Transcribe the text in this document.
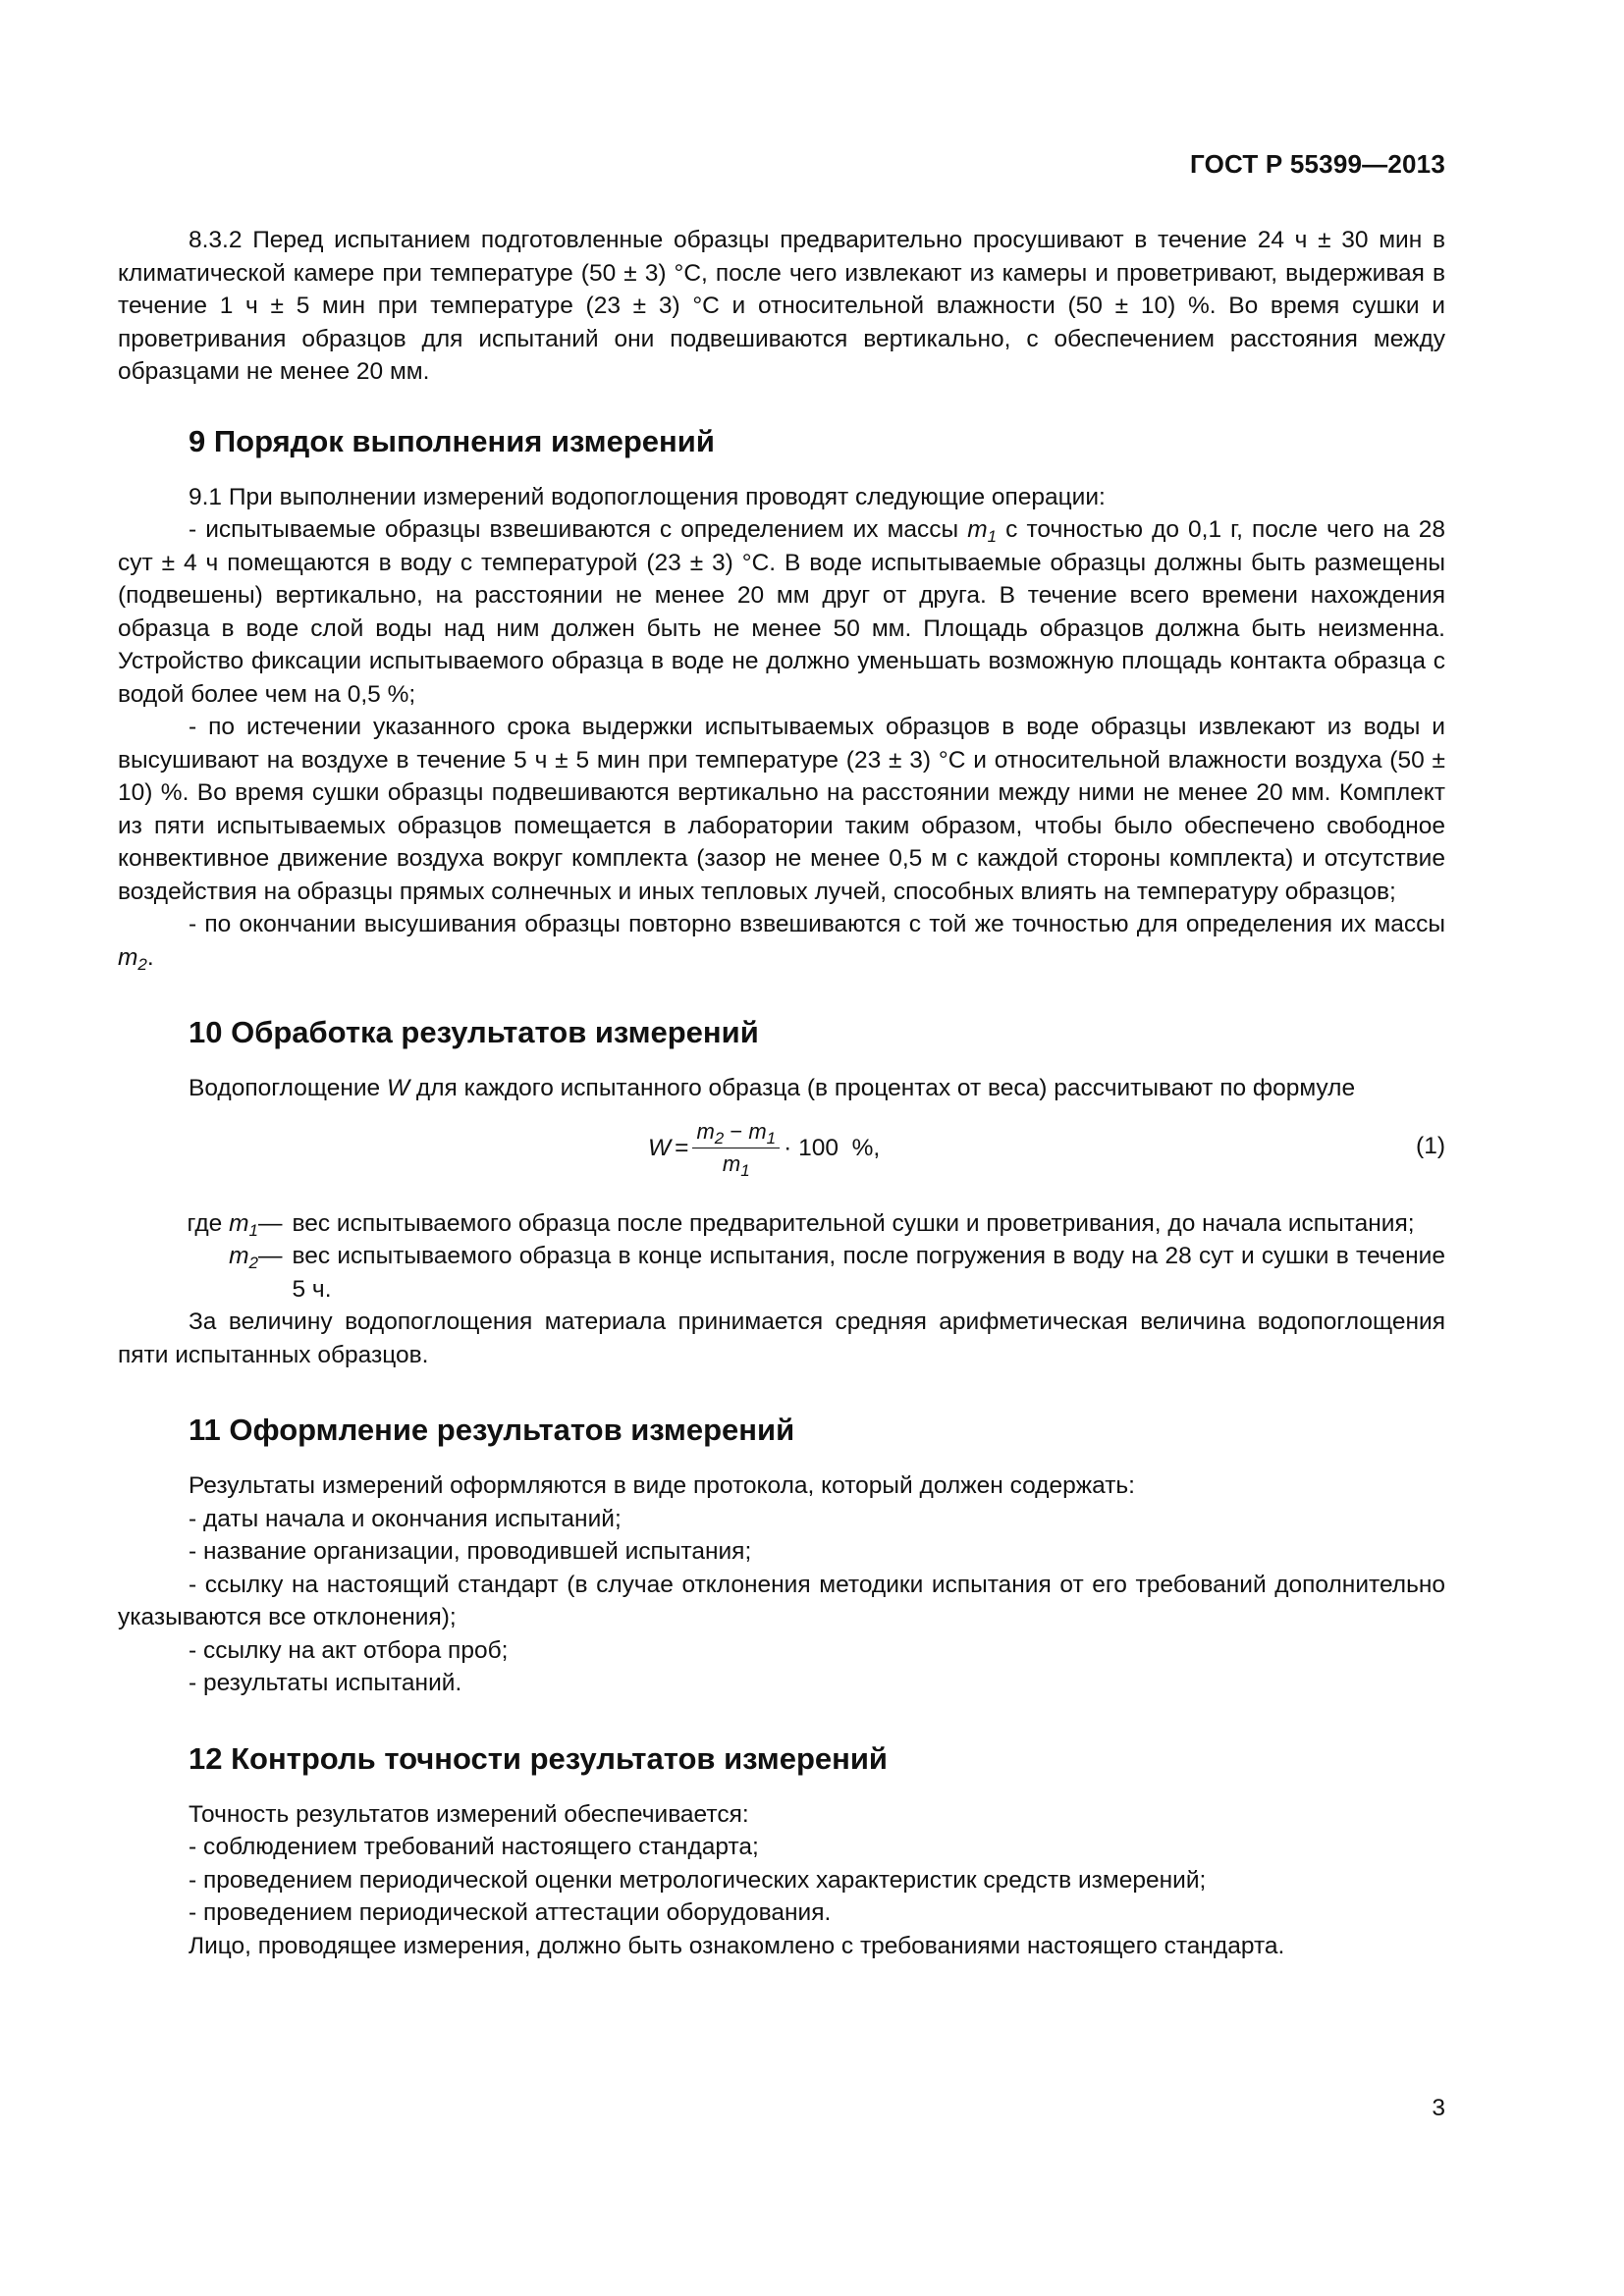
ГОСТ Р 55399—2013

8.3.2 Перед испытанием подготовленные образцы предварительно просушивают в течение 24 ч ± 30 мин в климатической камере при температуре (50 ± 3) °С, после чего извлекают из камеры и проветривают, выдерживая в течение 1 ч ± 5 мин при температуре (23 ± 3) °С и относительной влажности (50 ± 10) %. Во время сушки и проветривания образцов для испытаний они подвешиваются вертикально, с обеспечением расстояния между образцами не менее 20 мм.

9 Порядок выполнения измерений

9.1 При выполнении измерений водопоглощения проводят следующие операции:

- испытываемые образцы взвешиваются с определением их массы $m_1$ с точностью до 0,1 г, после чего на 28 сут ± 4 ч помещаются в воду с температурой (23 ± 3) °С. В воде испытываемые образцы должны быть размещены (подвешены) вертикально, на расстоянии не менее 20 мм друг от друга. В течение всего времени нахождения образца в воде слой воды над ним должен быть не менее 50 мм. Площадь образцов должна быть неизменна. Устройство фиксации испытываемого образца в воде не должно уменьшать возможную площадь контакта образца с водой более чем на 0,5 %;

- по истечении указанного срока выдержки испытываемых образцов в воде образцы извлекают из воды и высушивают на воздухе в течение 5 ч ± 5 мин при температуре (23 ± 3) °С и относительной влажности воздуха (50 ± 10) %. Во время сушки образцы подвешиваются вертикально на расстоянии между ними не менее 20 мм. Комплект из пяти испытываемых образцов помещается в лаборатории таким образом, чтобы было обеспечено свободное конвективное движение воздуха вокруг комплекта (зазор не менее 0,5 м с каждой стороны комплекта) и отсутствие воздействия на образцы прямых солнечных и иных тепловых лучей, способных влиять на температуру образцов;

- по окончании высушивания образцы повторно взвешиваются с той же точностью для определения их массы $m_2$.

10 Обработка результатов измерений

Водопоглощение W для каждого испытанного образца (в процентах от веса) рассчитывают по формуле

$W = \frac{m_2 - m_1}{m_1} \cdot 100$  %,	(1)
где $m_1$ — вес испытываемого образца после предварительной сушки и проветривания, до начала испытания;
$m_2$ — вес испытываемого образца в конце испытания, после погружения в воду на 28 сут и сушки в течение 5 ч.

За величину водопоглощения материала принимается средняя арифметическая величина водопоглощения пяти испытанных образцов.

11 Оформление результатов измерений

Результаты измерений оформляются в виде протокола, который должен содержать:

- даты начала и окончания испытаний;

- название организации, проводившей испытания;

- ссылку на настоящий стандарт (в случае отклонения методики испытания от его требований дополнительно указываются все отклонения);

- ссылку на акт отбора проб;

- результаты испытаний.

12 Контроль точности результатов измерений

Точность результатов измерений обеспечивается:

- соблюдением требований настоящего стандарта;

- проведением периодической оценки метрологических характеристик средств измерений;

- проведением периодической аттестации оборудования.

Лицо, проводящее измерения, должно быть ознакомлено с требованиями настоящего стандарта.

3
